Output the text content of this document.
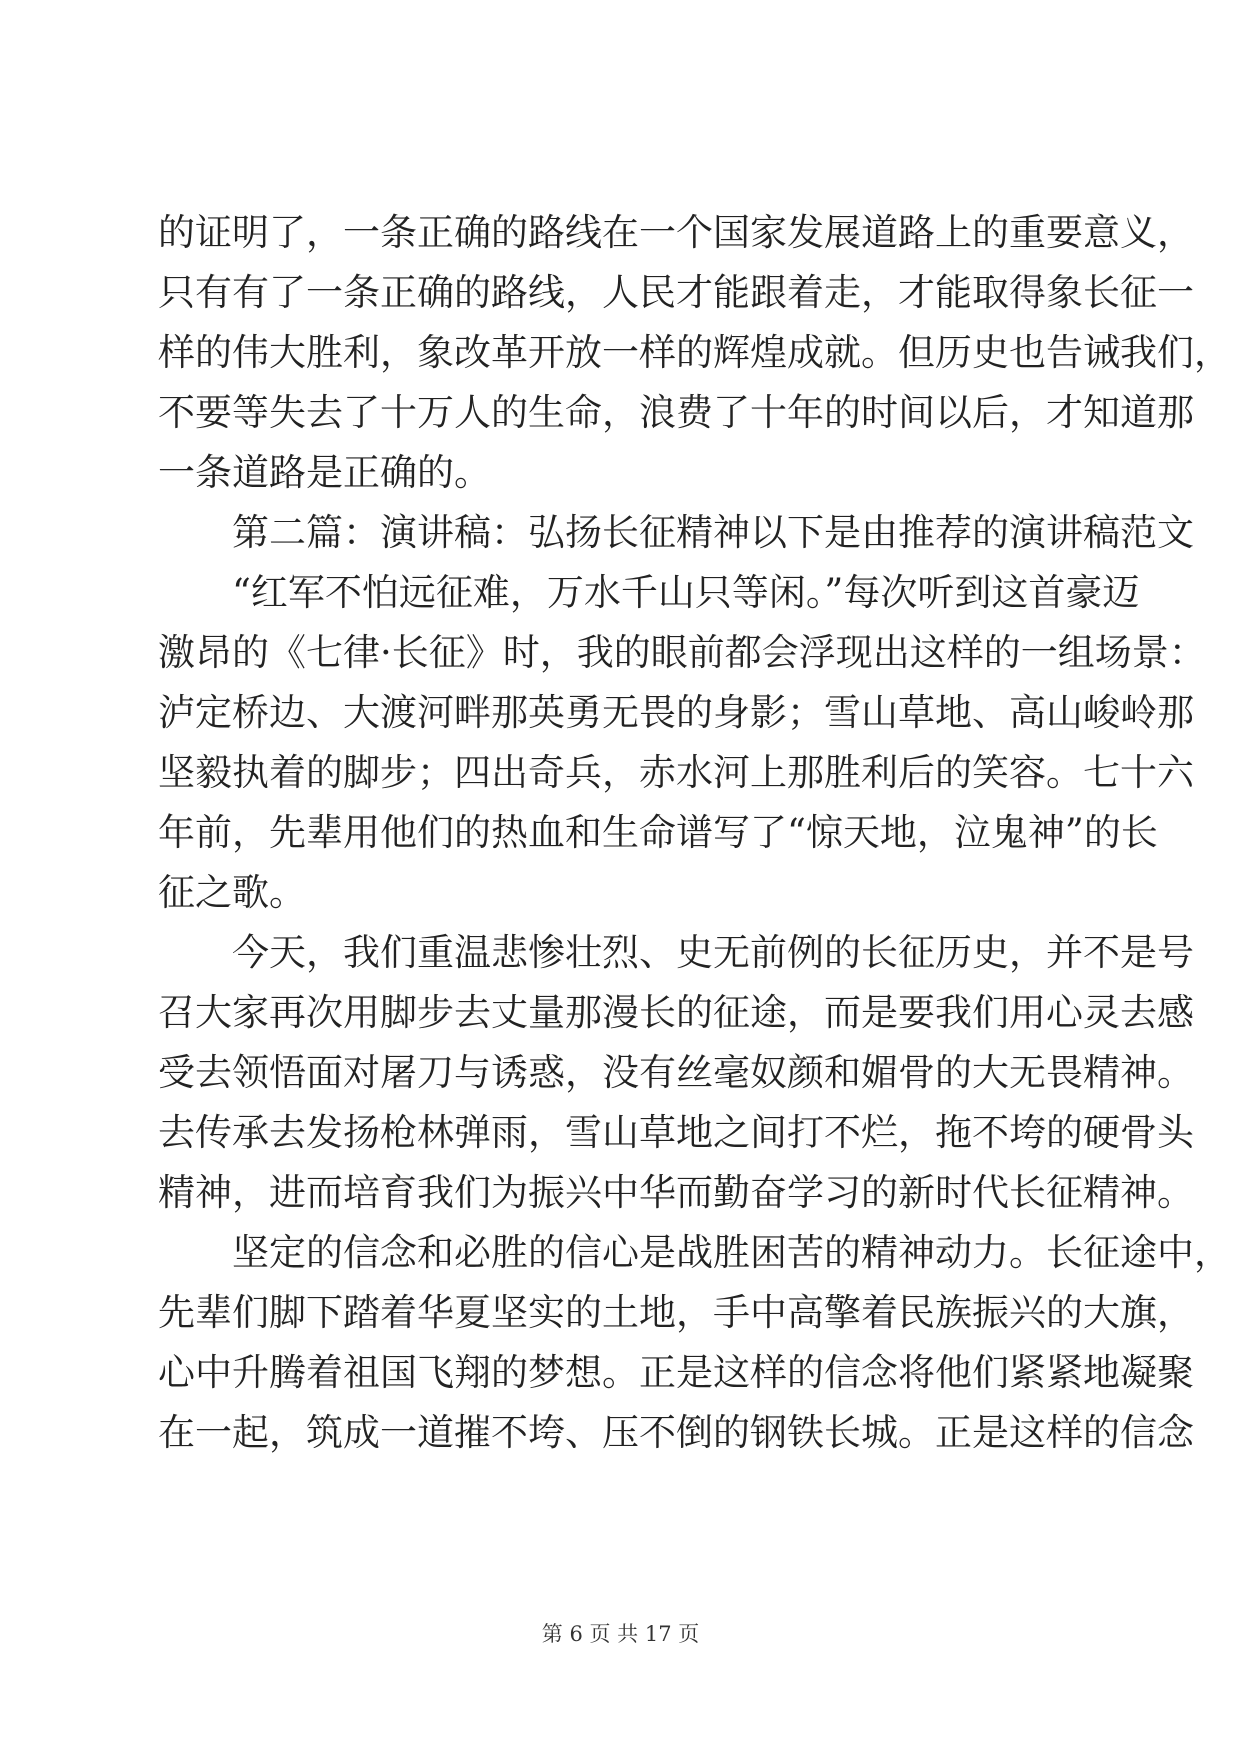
的证明了，一条正确的路线在一个国家发展道路上的重要意义，
只有有了一条正确的路线，人民才能跟着走，才能取得象长征一
样的伟大胜利，象改革开放一样的辉煌成就。但历史也告诫我们，
不要等失去了十万人的生命，浪费了十年的时间以后，才知道那
一条道路是正确的。
第二篇：演讲稿：弘扬长征精神以下是由推荐的演讲稿范文
“红军不怕远征难，万水千山只等闲。”每次听到这首豪迈
激昂的《七律·长征》时，我的眼前都会浮现出这样的一组场景：
泸定桥边、大渡河畔那英勇无畏的身影；雪山草地、高山峻岭那
坚毅执着的脚步；四出奇兵，赤水河上那胜利后的笑容。七十六
年前，先辈用他们的热血和生命谱写了“惊天地，泣鬼神”的长
征之歌。
今天，我们重温悲惨壮烈、史无前例的长征历史，并不是号
召大家再次用脚步去丈量那漫长的征途，而是要我们用心灵去感
受去领悟面对屠刀与诱惑，没有丝毫奴颜和媚骨的大无畏精神。
去传承去发扬枪林弹雨，雪山草地之间打不烂，拖不垮的硬骨头
精神，进而培育我们为振兴中华而勤奋学习的新时代长征精神。
坚定的信念和必胜的信心是战胜困苦的精神动力。长征途中，
先辈们脚下踏着华夏坚实的土地，手中高擎着民族振兴的大旗，
心中升腾着祖国飞翔的梦想。正是这样的信念将他们紧紧地凝聚
在一起，筑成一道摧不垮、压不倒的钢铁长城。正是这样的信念
第 6 页 共 17 页
